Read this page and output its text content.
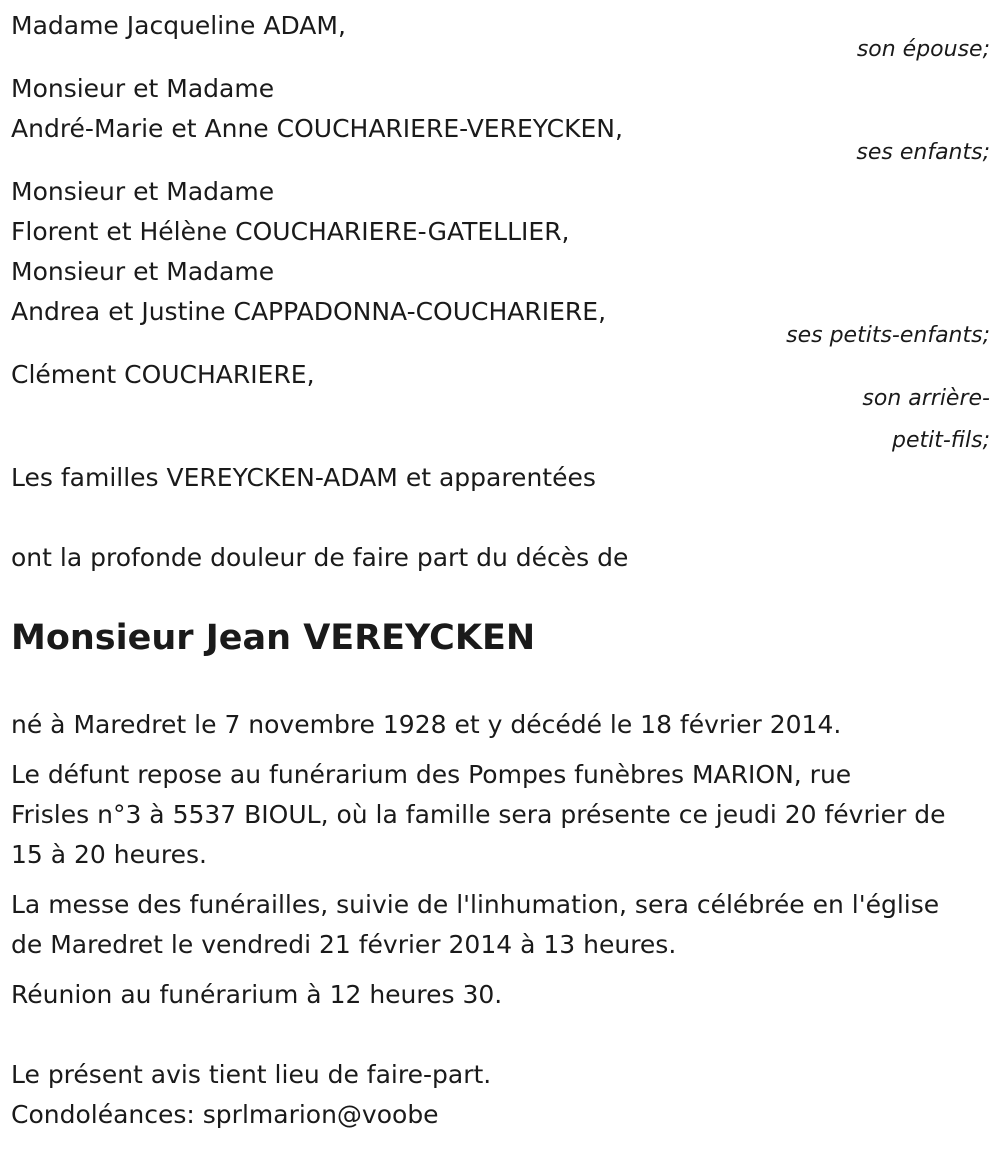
Madame Jacqueline ADAM,
son épouse;
Monsieur et Madame
André-Marie et Anne COUCHARIERE-VEREYCKEN,
ses enfants;
Monsieur et Madame
Florent et Hélène COUCHARIERE-GATELLIER,
Monsieur et Madame
Andrea et Justine CAPPADONNA-COUCHARIERE,
ses petits-enfants;
Clément COUCHARIERE,
son arrière-
petit-fils;
Les familles VEREYCKEN-ADAM et apparentées
ont la profonde douleur de faire part du décès de
Monsieur Jean VEREYCKEN
né à Maredret le 7 novembre 1928 et y décédé le 18 février 2014.
Le défunt repose au funérarium des Pompes funèbres MARION, rue
Frisles n°3 à 5537 BIOUL, où la famille sera présente ce jeudi 20 février de
15 à 20 heures.
La messe des funérailles, suivie de l'linhumation, sera célébrée en l'église
de Maredret le vendredi 21 février 2014 à 13 heures.
Réunion au funérarium à 12 heures 30.
Le présent avis tient lieu de faire-part.
Condoléances: sprlmarion@voobe
